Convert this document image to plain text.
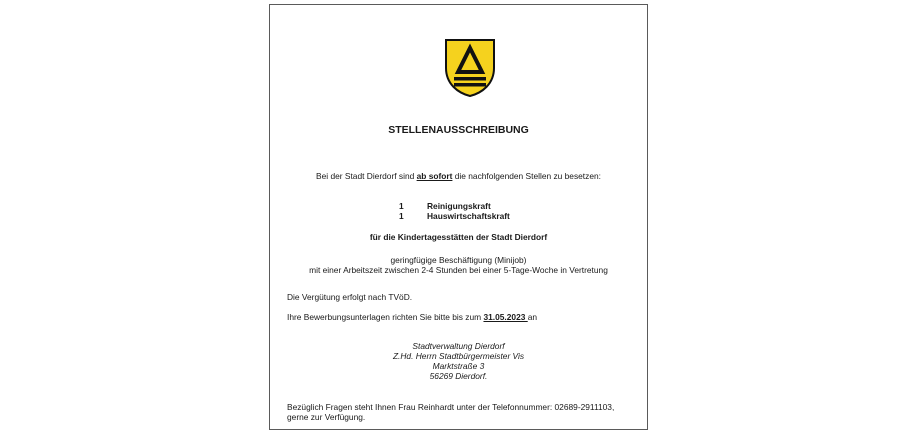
STELLENAUSSCHREIBUNG
Bei der Stadt Dierdorf sind ab sofort die nachfolgenden Stellen zu besetzen:
1	Reinigungskraft
1	Hauswirtschaftskraft
für die Kindertagesstätten der Stadt Dierdorf
geringfügige Beschäftigung (Minijob)
mit einer Arbeitszeit zwischen 2-4 Stunden bei einer 5-Tage-Woche in Vertretung
Die Vergütung erfolgt nach TVöD.
Ihre Bewerbungsunterlagen richten Sie bitte bis zum 31.05.2023 an
Stadtverwaltung Dierdorf
Z.Hd. Herrn Stadtbürgermeister Vis
Marktstraße 3
56269 Dierdorf.
Bezüglich Fragen steht Ihnen Frau Reinhardt unter der Telefonnummer: 02689-2911103,
gerne zur Verfügung.
